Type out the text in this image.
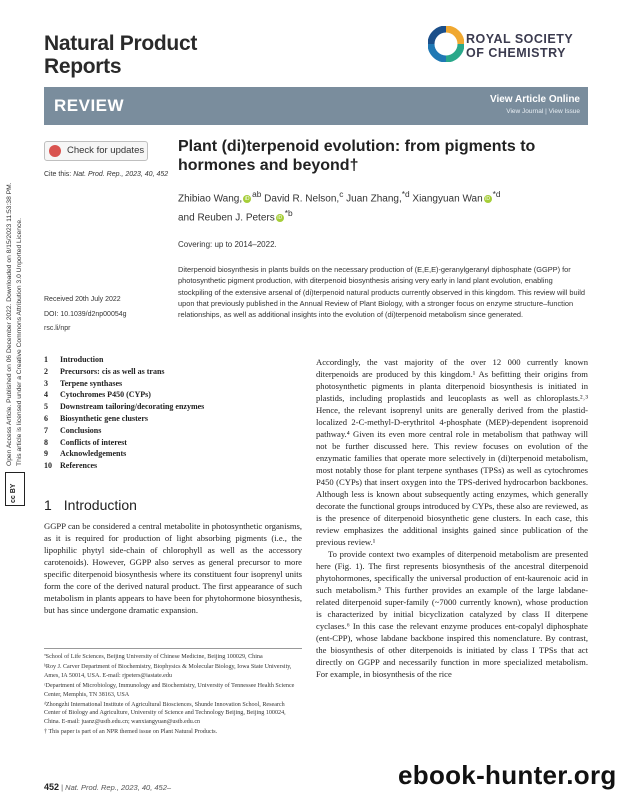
Natural Product
Reports
ROYAL SOCIETY
OF CHEMISTRY
REVIEW	View Article Online
View Journal | View Issue
Open Access Article. Published on 06 December 2022. Downloaded on 8/15/2023 11:53:38 PM. This article is licensed under a Creative Commons Attribution 3.0 Unported Licence.
cc BY
Check for updates
Cite this: Nat. Prod. Rep., 2023, 40, 452
Plant (di)terpenoid evolution: from pigments to hormones and beyond†
Zhibiao Wang, iD $^{ab}$ David R. Nelson,$^c$ Juan Zhang,$^{*d}$ Xiangyuan Wan iD $^{*d}$
and Reuben J. Peters iD $^{*b}$
Covering: up to 2014–2022.
Diterpenoid biosynthesis in plants builds on the necessary production of (E,E,E)-geranylgeranyl diphosphate (GGPP) for photosynthetic pigment production, with diterpenoid biosynthesis arising very early in land plant evolution, enabling stockpiling of the extensive arsenal of (di)terpenoid natural products currently observed in this kingdom. This review will build upon that previously published in the Annual Review of Plant Biology, with a stronger focus on enzyme structure–function relationships, as well as additional insights into the evolution of (di)terpenoid metabolism since generated.
Received 20th July 2022
DOI: 10.1039/d2np00054g
rsc.li/npr
1 Introduction
2 Precursors: cis as well as trans
3 Terpene synthases
4 Cytochromes P450 (CYPs)
5 Downstream tailoring/decorating enzymes
6 Biosynthetic gene clusters
7 Conclusions
8 Conflicts of interest
9 Acknowledgements
10 References
1 Introduction
GGPP can be considered a central metabolite in photosynthetic organisms, as it is required for production of light absorbing pigments (i.e., the lipophilic phytyl side-chain of chlorophyll as well as the accessory carotenoids). However, GGPP also serves as general precursor to more specific diterpenoid biosynthesis where its constituent four isoprenyl units form the core of the derived natural product. The first appearance of such metabolism in plants appears to have been for phytohormone biosynthesis, but has since undergone dramatic expansion.

ªSchool of Life Sciences, Beijing University of Chinese Medicine, Beijing 100029, China

ᵇRoy J. Carver Department of Biochemistry, Biophysics & Molecular Biology, Iowa State University, Ames, IA 50014, USA. E-mail: rjpeters@iastate.edu

ᶜDepartment of Microbiology, Immunology and Biochemistry, University of Tennessee Health Science Center, Memphis, TN 38163, USA

ᵈZhongzhi International Institute of Agricultural Biosciences, Shunde Innovation School, Research Center of Biology and Agriculture, University of Science and Technology Beijing, Beijing 100024, China. E-mail: juanz@ustb.edu.cn; wanxiangyuan@ustb.edu.cn

† This paper is part of an NPR themed issue on Plant Natural Products.

Accordingly, the vast majority of the over 12 000 currently known diterpenoids are produced by this kingdom.¹ As befitting their origins from photosynthetic pigments in planta diterpenoid biosynthesis is initiated in plastids, including proplastids and leucoplasts as well as chloroplasts.²˒³ Hence, the relevant isoprenyl units are generally derived from the plastid-localized 2-C-methyl-D-erythritol 4-phosphate (MEP)-dependent isoprenoid pathway.⁴ Given its even more central role in metabolism that pathway will not be further discussed here. This review focuses on evolution of the enzymatic families that operate more selectively in (di)terpenoid metabolism, most notably those for plant terpene synthases (TPSs) as well as cytochromes P450 (CYPs) that insert oxygen into the TPS-derived hydrocarbon backbones. Although less is known about subsequently acting enzymes, which generally decorate the functional groups introduced by CYPs, these also are reviewed, as is the presence of diterpenoid biosynthetic gene clusters. In each case, this review emphasizes the additional insights gained since publication of the previous review.¹

To provide context two examples of diterpenoid metabolism are presented here (Fig. 1). The first represents biosynthesis of the ancestral diterpenoid phytohormones, specifically the universal production of ent-kaurenoic acid in such metabolism.⁵ This further provides an example of the large labdane-related diterpenoid super-family (~7000 currently known), whose production is characterized by initial bicyclization catalyzed by class II diterpene cyclases.⁶ In this case the relevant enzyme produces ent-copalyl diphosphate (ent-CPP), whose labdane backbone inspired this nomenclature. By contrast, the biosynthesis of other diterpenoids is initiated by class I TPSs that act directly on GGPP and necessarily function in more specialized metabolism. For example, in biosynthesis of the rice

452 | Nat. Prod. Rep., 2023, 40, 452–	ebook-hunter.org
